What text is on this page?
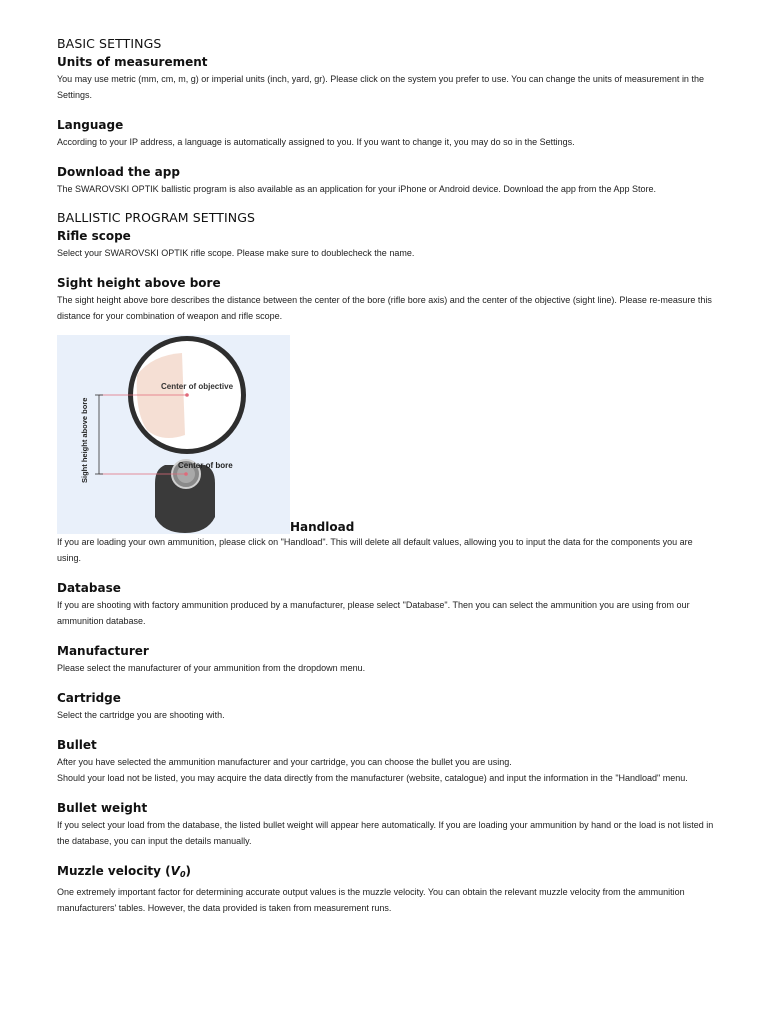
BASIC SETTINGS
Units of measurement

You may use metric (mm, cm, m, g) or imperial units (inch, yard, gr). Please click on the system you prefer to use. You can change the units of measurement in the Settings.

Language

According to your IP address, a language is automatically assigned to you. If you want to change it, you may do so in the Settings.

Download the app

The SWAROVSKI OPTIK ballistic program is also available as an application for your iPhone or Android device. Download the app from the App Store.

BALLISTIC PROGRAM SETTINGS
Rifle scope

Select your SWAROVSKI OPTIK rifle scope. Please make sure to doublecheck the name.

Sight height above bore

The sight height above bore describes the distance between the center of the bore (rifle bore axis) and the center of the objective (sight line). Please re-measure this distance for your combination of weapon and rifle scope.

Center of objective
Center of bore
Sight height above bore
Handload

If you are loading your own ammunition, please click on "Handload". This will delete all default values, allowing you to input the data for the components you are using.

Database

If you are shooting with factory ammunition produced by a manufacturer, please select "Database". Then you can select the ammunition you are using from our ammunition database.

Manufacturer

Please select the manufacturer of your ammunition from the dropdown menu.

Cartridge

Select the cartridge you are shooting with.

Bullet

After you have selected the ammunition manufacturer and your cartridge, you can choose the bullet you are using.

Should your load not be listed, you may acquire the data directly from the manufacturer (website, catalogue) and input the information in the "Handload" menu.

Bullet weight

If you select your load from the database, the listed bullet weight will appear here automatically. If you are loading your ammunition by hand or the load is not listed in the database, you can input the details manually.

Muzzle velocity $(V_0)$

One extremely important factor for determining accurate output values is the muzzle velocity. You can obtain the relevant muzzle velocity from the ammunition manufacturers' tables. However, the data provided is taken from measurement runs.
